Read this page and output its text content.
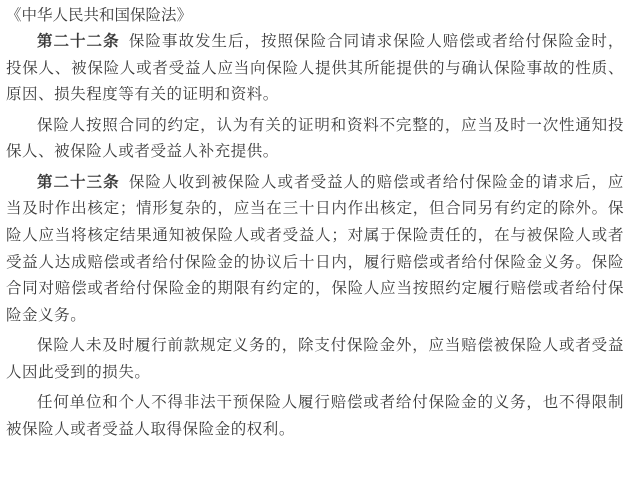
《中华人民共和国保险法》

第二十二条 保险事故发生后，按照保险合同请求保险人赔偿或者给付保险金时，投保人、被保险人或者受益人应当向保险人提供其所能提供的与确认保险事故的性质、原因、损失程度等有关的证明和资料。

保险人按照合同的约定，认为有关的证明和资料不完整的，应当及时一次性通知投保人、被保险人或者受益人补充提供。

第二十三条 保险人收到被保险人或者受益人的赔偿或者给付保险金的请求后，应当及时作出核定；情形复杂的，应当在三十日内作出核定，但合同另有约定的除外。保险人应当将核定结果通知被保险人或者受益人；对属于保险责任的，在与被保险人或者受益人达成赔偿或者给付保险金的协议后十日内，履行赔偿或者给付保险金义务。保险合同对赔偿或者给付保险金的期限有约定的，保险人应当按照约定履行赔偿或者给付保险金义务。

保险人未及时履行前款规定义务的，除支付保险金外，应当赔偿被保险人或者受益人因此受到的损失。

任何单位和个人不得非法干预保险人履行赔偿或者给付保险金的义务，也不得限制被保险人或者受益人取得保险金的权利。
